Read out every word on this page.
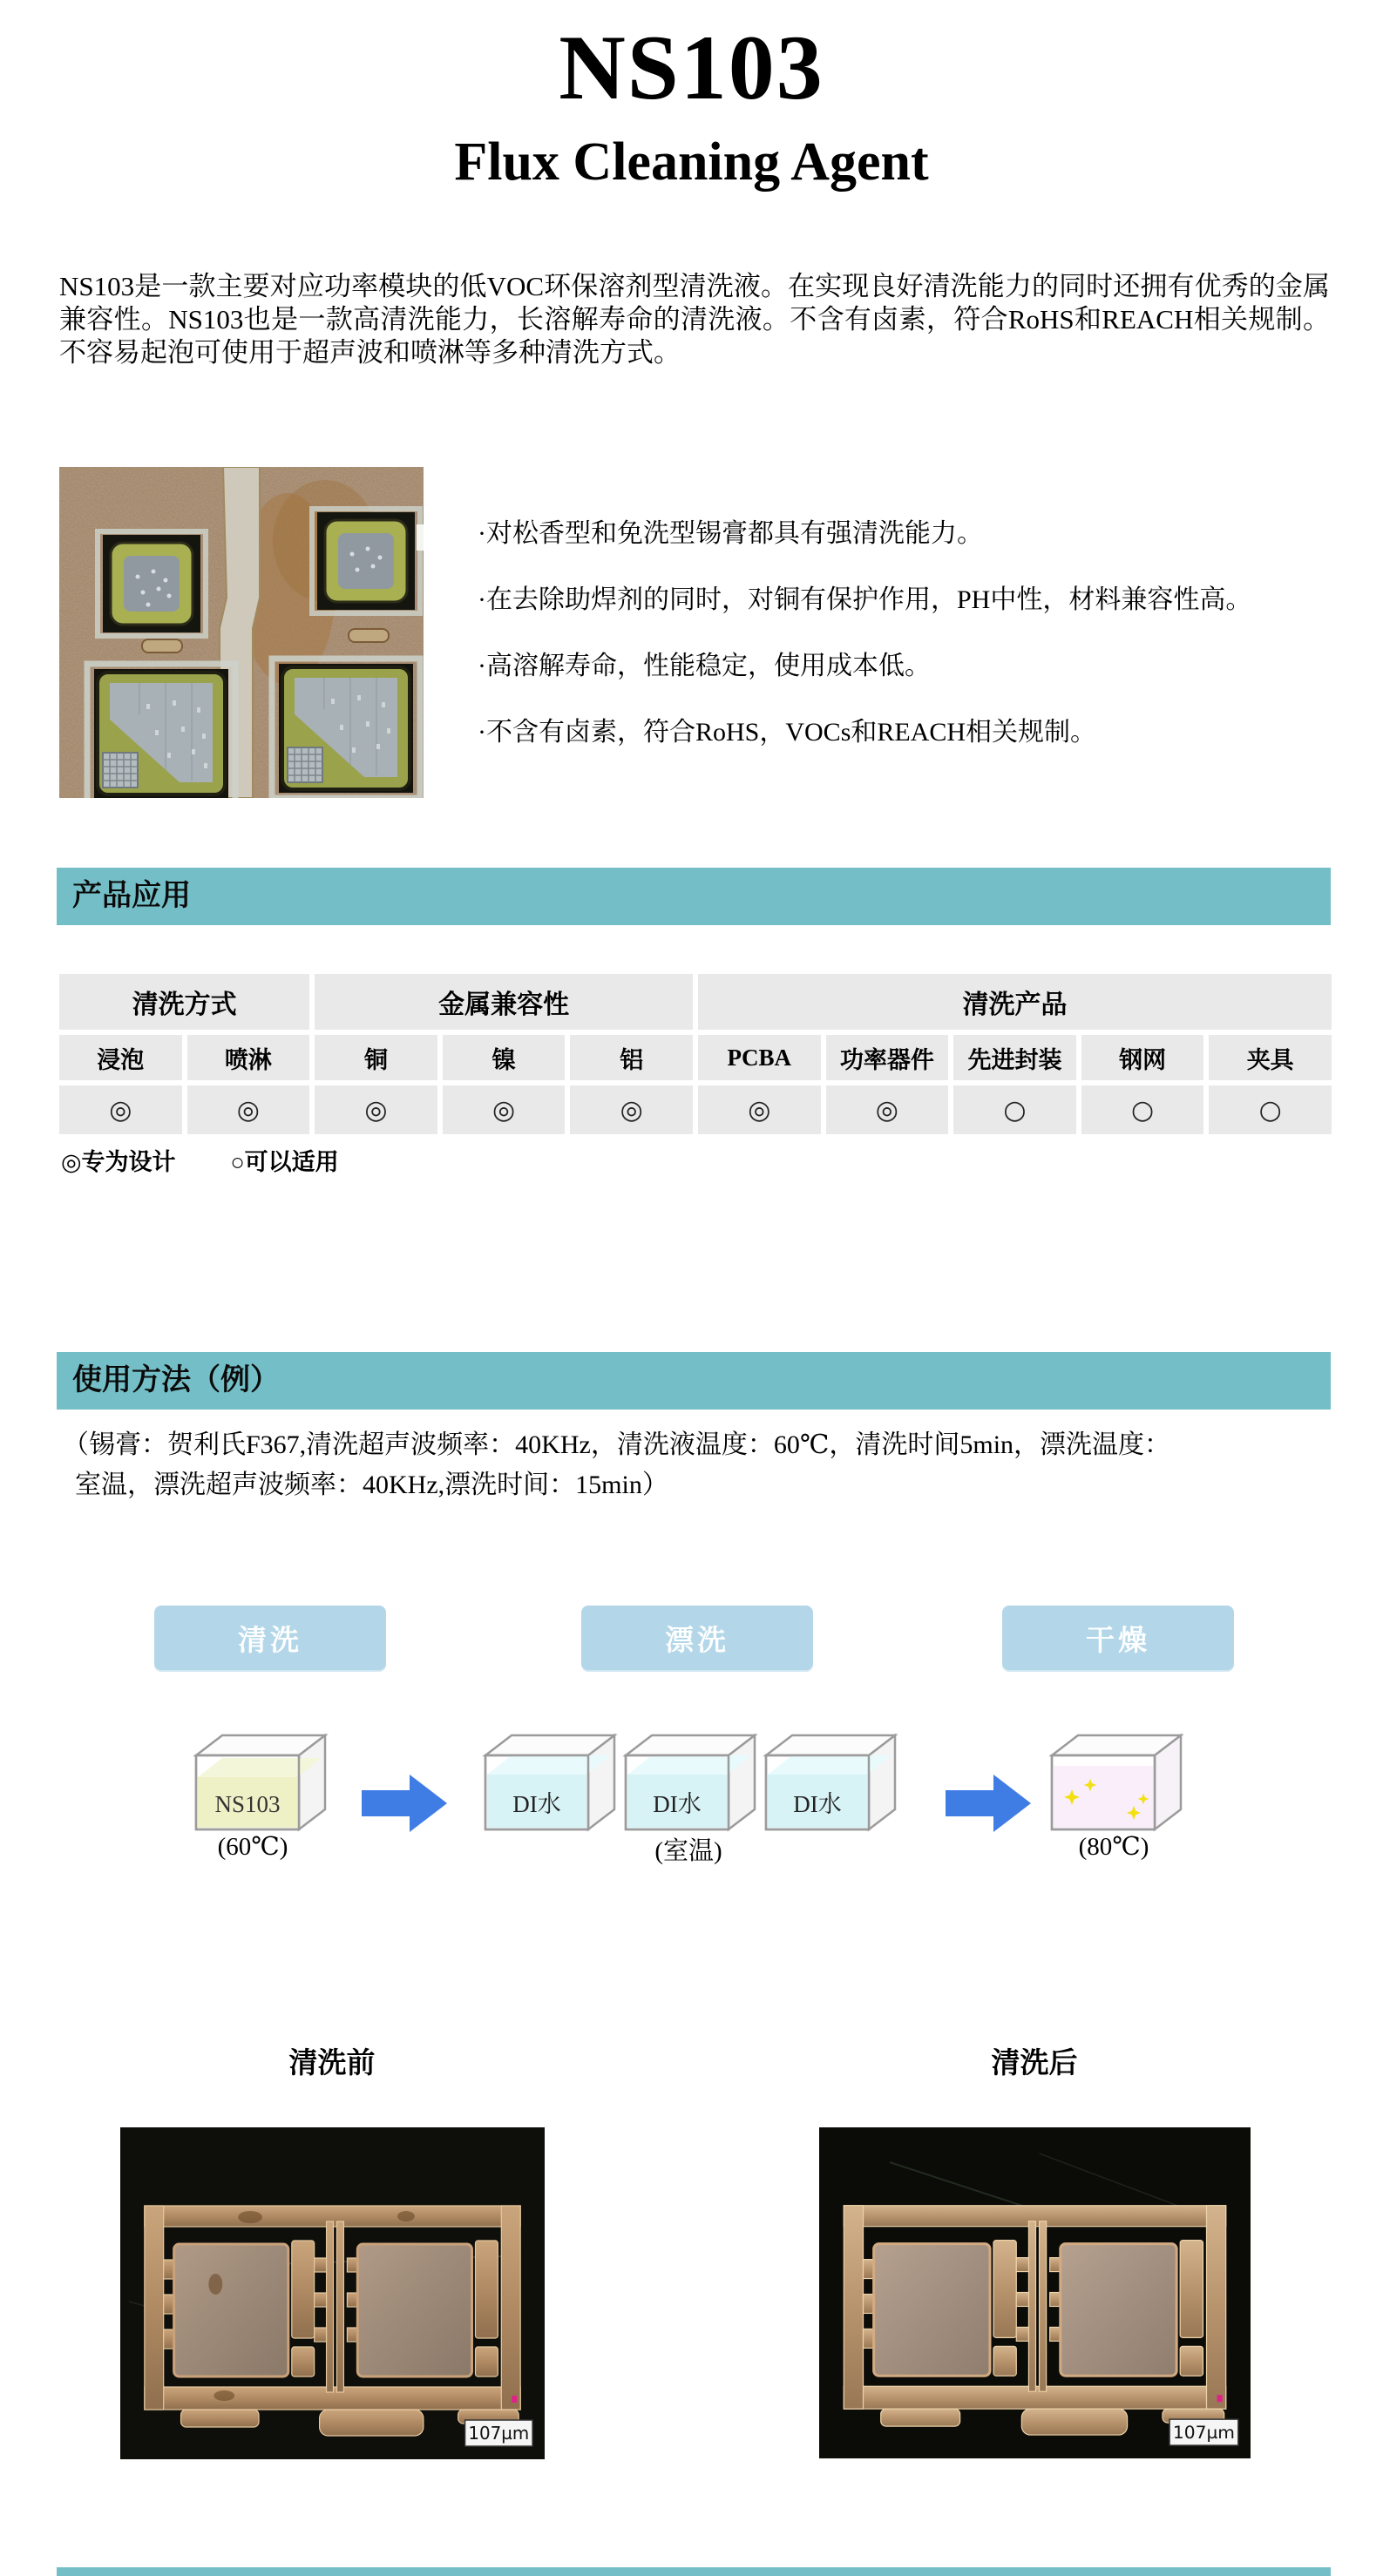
NS103
Flux Cleaning Agent
NS103是一款主要对应功率模块的低VOC环保溶剂型清洗液。在实现良好清洗能力的同时还拥有优秀的金属兼容性。NS103也是一款高清洗能力，长溶解寿命的清洗液。不含有卤素，符合RoHS和REACH相关规制。不容易起泡可使用于超声波和喷淋等多种清洗方式。
·对松香型和免洗型锡膏都具有强清洗能力。
·在去除助焊剂的同时，对铜有保护作用，PH中性，材料兼容性高。
·高溶解寿命，性能稳定，使用成本低。
·不含有卤素，符合RoHS，VOCs和REACH相关规制。
产品应用
清洗方式	金属兼容性	清洗产品
浸泡	喷淋	铜	镍	铝	PCBA	功率器件	先进封装	钢网	夹具
◎	◎	◎	◎	◎	◎	◎	○	○	○
◎专为设计 ○可以适用
使用方法（例）
（锡膏：贺利氏F367,清洗超声波频率：40KHz，清洗液温度：60℃，清洗时间5min，漂洗温度：
室温，漂洗超声波频率：40KHz,漂洗时间：15min）
清洗	漂洗	干燥
NS103	DI水	DI水	DI水
(60℃)	(室温)	(80℃)
清洗前	清洗后
107µm	107µm
